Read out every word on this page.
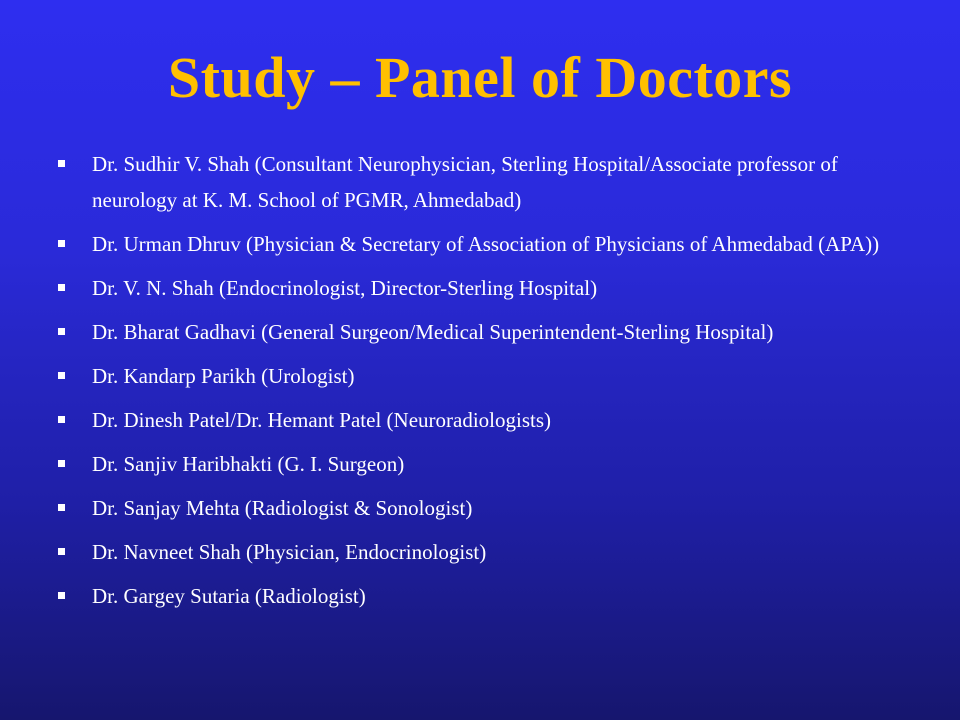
Study – Panel of Doctors
Dr. Sudhir V. Shah (Consultant Neurophysician, Sterling Hospital/Associate professor of neurology at K. M. School of PGMR, Ahmedabad)
Dr. Urman Dhruv (Physician & Secretary of Association of Physicians of Ahmedabad (APA))
Dr. V. N. Shah (Endocrinologist, Director-Sterling Hospital)
Dr. Bharat Gadhavi (General Surgeon/Medical Superintendent-Sterling Hospital)
Dr. Kandarp Parikh (Urologist)
Dr. Dinesh Patel/Dr. Hemant Patel (Neuroradiologists)
Dr. Sanjiv Haribhakti (G. I. Surgeon)
Dr. Sanjay Mehta (Radiologist & Sonologist)
Dr. Navneet Shah (Physician, Endocrinologist)
Dr. Gargey Sutaria (Radiologist)
